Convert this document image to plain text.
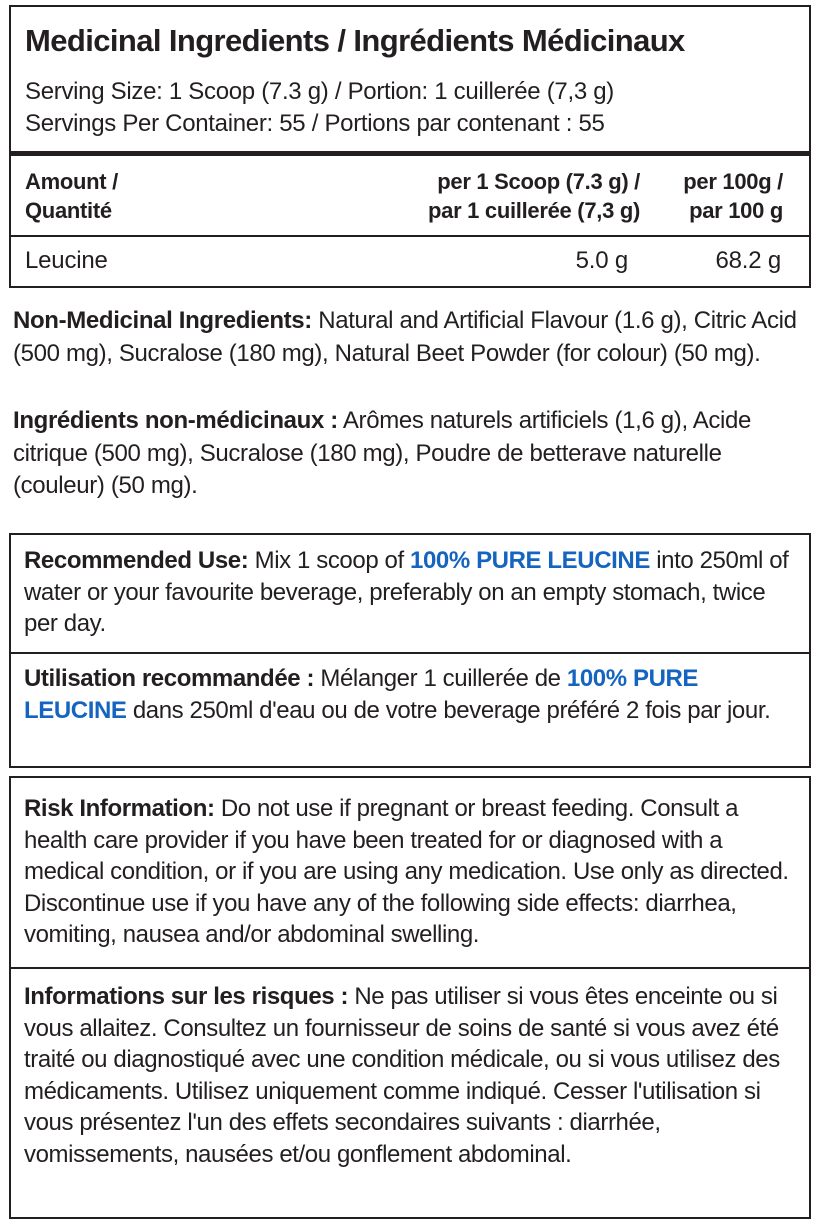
Medicinal Ingredients / Ingrédients Médicinaux
Serving Size: 1 Scoop (7.3 g) / Portion: 1 cuillerée (7,3 g)
Servings Per Container: 55 / Portions par contenant : 55
Amount /
Quantité
per 1 Scoop (7.3 g) /
par 1 cuillerée (7,3 g)
per 100g /
par 100 g
Leucine	5.0 g	68.2 g
Non-Medicinal Ingredients: Natural and Artificial Flavour (1.6 g), Citric Acid (500 mg), Sucralose (180 mg), Natural Beet Powder (for colour) (50 mg).
Ingrédients non-médicinaux : Arômes naturels artificiels (1,6 g), Acide citrique (500 mg), Sucralose (180 mg), Poudre de betterave naturelle (couleur) (50 mg).
Recommended Use: Mix 1 scoop of 100% PURE LEUCINE into 250ml of water or your favourite beverage, preferably on an empty stomach, twice per day.
Utilisation recommandée : Mélanger 1 cuillerée de 100% PURE LEUCINE dans 250ml d'eau ou de votre beverage préféré 2 fois par jour.
Risk Information: Do not use if pregnant or breast feeding. Consult a health care provider if you have been treated for or diagnosed with a medical condition, or if you are using any medication. Use only as directed. Discontinue use if you have any of the following side effects: diarrhea, vomiting, nausea and/or abdominal swelling.
Informations sur les risques : Ne pas utiliser si vous êtes enceinte ou si vous allaitez. Consultez un fournisseur de soins de santé si vous avez été traité ou diagnostiqué avec une condition médicale, ou si vous utilisez des médicaments. Utilisez uniquement comme indiqué. Cesser l'utilisation si vous présentez l'un des effets secondaires suivants : diarrhée, vomissements, nausées et/ou gonflement abdominal.
